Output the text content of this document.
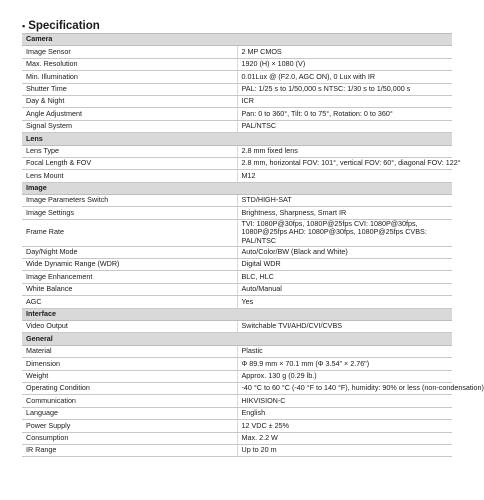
▪ Specification
Camera	
Image Sensor	2 MP CMOS
Max. Resolution	1920 (H) × 1080 (V)
Min. Illumination	0.01Lux @ (F2.0, AGC ON), 0 Lux with IR
Shutter Time	PAL: 1/25 s to 1/50,000 s NTSC: 1/30 s to 1/50,000 s
Day & Night	ICR
Angle Adjustment	Pan: 0 to 360°, Tilt: 0 to 75°, Rotation: 0 to 360°
Signal System	PAL/NTSC
Lens	
Lens Type	2.8 mm fixed lens
Focal Length & FOV	2.8 mm, horizontal FOV: 101°, vertical FOV: 60°, diagonal FOV: 122°
Lens Mount	M12
Image	
Image Parameters Switch	STD/HIGH-SAT
Image Settings	Brightness, Sharpness, Smart IR
Frame Rate	TVI: 1080P@30fps, 1080P@25fps CVI: 1080P@30fps, 1080P@25fps AHD: 1080P@30fps, 1080P@25fps CVBS: PAL/NTSC
Day/Night Mode	Auto/Color/BW (Black and White)
Wide Dynamic Range (WDR)	Digital WDR
Image Enhancement	BLC, HLC
White Balance	Auto/Manual
AGC	Yes
Interface	
Video Output	Switchable TVI/AHD/CVI/CVBS
General	
Material	Plastic
Dimension	Φ 89.9 mm × 70.1 mm (Φ 3.54" × 2.76")
Weight	Approx. 130 g (0.29 lb.)
Operating Condition	-40 °C to 60 °C (-40 °F to 140 °F), humidity: 90% or less (non-condensation)
Communication	HIKVISION-C
Language	English
Power Supply	12 VDC ± 25%
Consumption	Max. 2.2 W
IR Range	Up to 20 m
